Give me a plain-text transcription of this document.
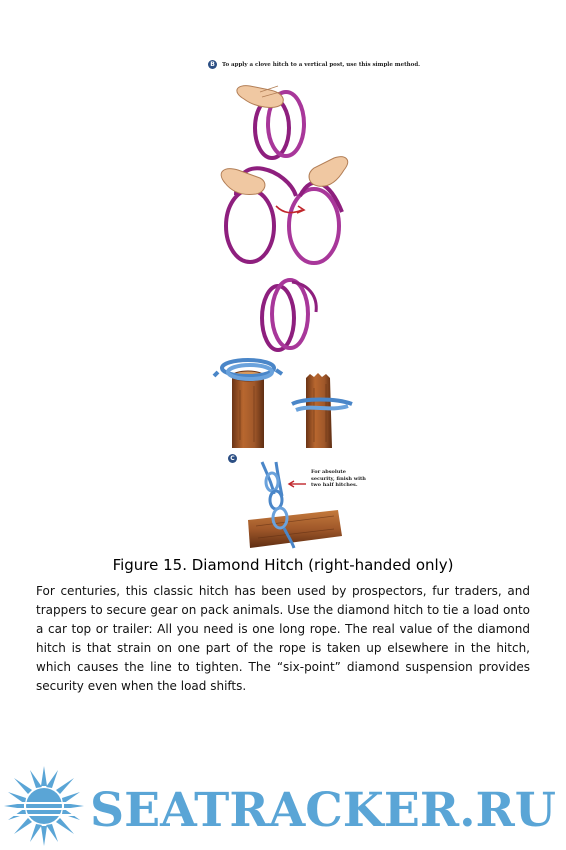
B	To apply a clove hitch to a vertical post, use this simple method.
C
For absolute security, finish with two half hitches.
Figure 15. Diamond Hitch (right-handed only)
For centuries, this classic hitch has been used by prospectors, fur traders, and trappers to secure gear on pack animals. Use the diamond hitch to tie a load onto a car top or trailer: All you need is one long rope. The real value of the diamond hitch is that strain on one part of the rope is taken up elsewhere in the hitch, which causes the line to tighten. The “six-point” diamond suspension provides security even when the load shifts.
SEATRACKER.RU
